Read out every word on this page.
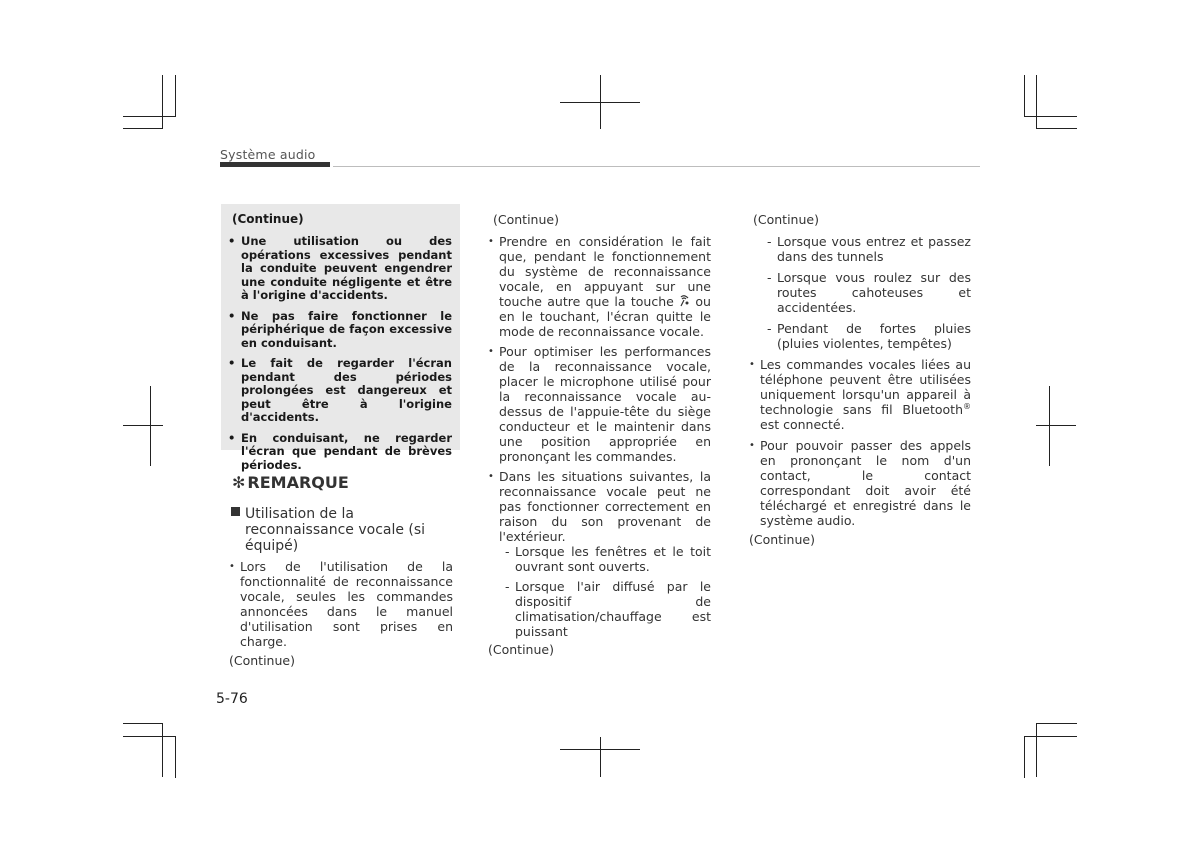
Système audio
(Continue)
• Une utilisation ou des opérations excessives pendant la conduite peuvent engendrer une conduite négligente et être à l'origine d'accidents.
• Ne pas faire fonctionner le périphérique de façon excessive en conduisant.
• Le fait de regarder l'écran pendant des périodes prolongées est dangereux et peut être à l'origine d'accidents.
• En conduisant, ne regarder l'écran que pendant de brèves périodes.
✻ REMARQUE
Utilisation de la reconnaissance vocale (si équipé)
• Lors de l'utilisation de la fonctionnalité de reconnaissance vocale, seules les commandes annoncées dans le manuel d'utilisation sont prises en charge.
(Continue)
(Continue)
• Prendre en considération le fait que, pendant le fonctionnement du système de reconnaissance vocale, en appuyant sur une touche autre que la touche ou en le touchant, l'écran quitte le mode de reconnaissance vocale.
• Pour optimiser les performances de la reconnaissance vocale, placer le microphone utilisé pour la reconnaissance vocale au-dessus de l'appuie-tête du siège conducteur et le maintenir dans une position appropriée en prononçant les commandes.
• Dans les situations suivantes, la reconnaissance vocale peut ne pas fonctionner correctement en raison du son provenant de l'extérieur.
- Lorsque les fenêtres et le toit ouvrant sont ouverts.
- Lorsque l'air diffusé par le dispositif de climatisation/chauffage est puissant
(Continue)
(Continue)
- Lorsque vous entrez et passez dans des tunnels
- Lorsque vous roulez sur des routes cahoteuses et accidentées.
- Pendant de fortes pluies (pluies violentes, tempêtes)
• Les commandes vocales liées au téléphone peuvent être utilisées uniquement lorsqu'un appareil à technologie sans fil Bluetooth® est connecté.
• Pour pouvoir passer des appels en prononçant le nom d'un contact, le contact correspondant doit avoir été téléchargé et enregistré dans le système audio.
(Continue)
5-76
